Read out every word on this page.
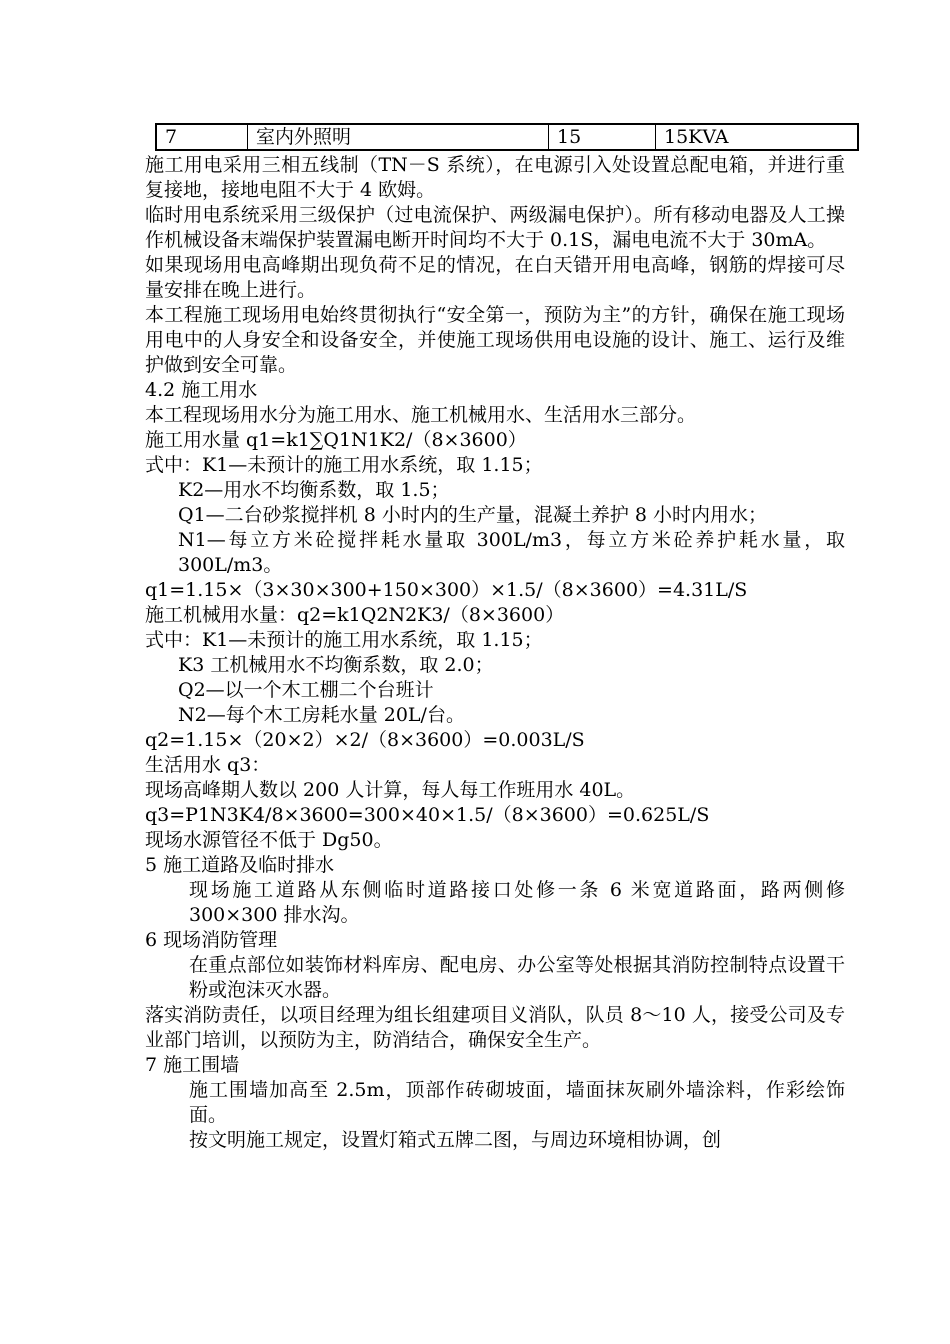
7	室内外照明	15	15KVA

施工用电采用三相五线制（TN－S 系统），在电源引入处设置总配电箱，并进行重复接地，接地电阻不大于 4 欧姆。

临时用电系统采用三级保护（过电流保护、两级漏电保护）。所有移动电器及人工操作机械设备末端保护装置漏电断开时间均不大于 0.1S，漏电电流不大于 30mA。

如果现场用电高峰期出现负荷不足的情况，在白天错开用电高峰，钢筋的焊接可尽量安排在晚上进行。

本工程施工现场用电始终贯彻执行“安全第一，预防为主”的方针，确保在施工现场用电中的人身安全和设备安全，并使施工现场供用电设施的设计、施工、运行及维护做到安全可靠。

4.2 施工用水

本工程现场用水分为施工用水、施工机械用水、生活用水三部分。

施工用水量 q1=k1∑Q1N1K2/（8×3600）

式中：K1—未预计的施工用水系统，取 1.15；

K2—用水不均衡系数，取 1.5；

Q1—二台砂浆搅拌机 8 小时内的生产量，混凝土养护 8 小时内用水；

N1—每立方米砼搅拌耗水量取 300L/m3，每立方米砼养护耗水量，取 300L/m3。

q1=1.15×（3×30×300+150×300）×1.5/（8×3600）=4.31L/S

施工机械用水量：q2=k1Q2N2K3/（8×3600）

式中：K1—未预计的施工用水系统，取 1.15；

K3 工机械用水不均衡系数，取 2.0；

Q2—以一个木工棚二个台班计

N2—每个木工房耗水量 20L/台。

q2=1.15×（20×2）×2/（8×3600）=0.003L/S

生活用水 q3：

现场高峰期人数以 200 人计算，每人每工作班用水 40L。

q3=P1N3K4/8×3600=300×40×1.5/（8×3600）=0.625L/S

现场水源管径不低于 Dg50。

5 施工道路及临时排水

现场施工道路从东侧临时道路接口处修一条 6 米宽道路面，路两侧修 300×300 排水沟。

6 现场消防管理

在重点部位如装饰材料库房、配电房、办公室等处根据其消防控制特点设置干粉或泡沫灭水器。

落实消防责任，以项目经理为组长组建项目义消队，队员 8～10 人，接受公司及专业部门培训，以预防为主，防消结合，确保安全生产。

7 施工围墙

施工围墙加高至 2.5m，顶部作砖砌坡面，墙面抹灰刷外墙涂料，作彩绘饰面。

按文明施工规定，设置灯箱式五牌二图，与周边环境相协调，创
